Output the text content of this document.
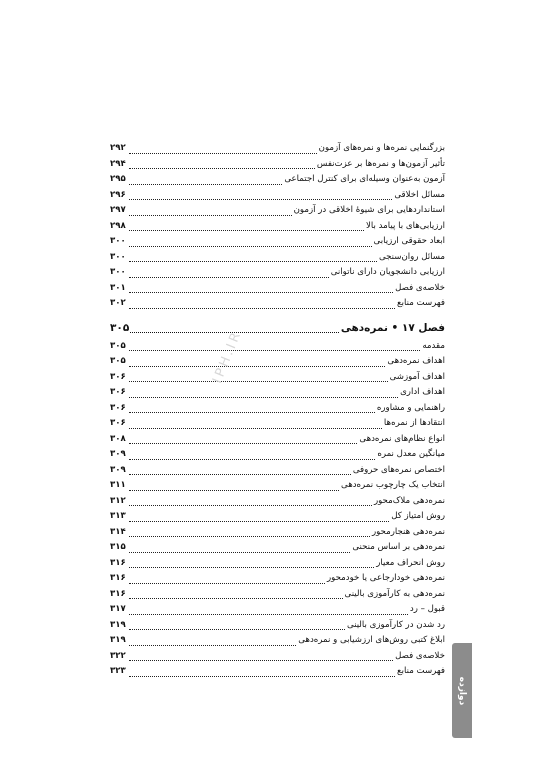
بزرگنمایی نمره‌ها و نمره‌های آزمون
۲۹۲
تأثیر آزمون‌ها و نمره‌ها بر عزت‌نفس
۲۹۴
آزمون به‌عنوان وسیله‌ای برای کنترل اجتماعی
۲۹۵
مسائل اخلاقی
۲۹۶
استانداردهایی برای شیوهٔ اخلاقی در آزمون
۲۹۷
ارزیابی‌های با پیامد بالا
۲۹۸
ابعاد حقوقی ارزیابی
۳۰۰
مسائل روان‌سنجی
۳۰۰
ارزیابی دانشجویان دارای ناتوانی
۳۰۰
خلاصه‌ی فصل
۳۰۱
فهرست منابع
۳۰۲
فصل ۱۷ • نمره‌دهی
۳۰۵
مقدمه
۳۰۵
اهداف نمره‌دهی
۳۰۵
اهداف آموزشی
۳۰۶
اهداف اداری
۳۰۶
راهنمایی و مشاوره
۳۰۶
انتقادها از نمره‌ها
۳۰۶
انواع نظام‌های نمره‌دهی
۳۰۸
میانگین معدل نمره
۳۰۹
اختصاص نمره‌های حروفی
۳۰۹
انتخاب یک چارچوب نمره‌دهی
۳۱۱
نمره‌دهی ملاک‌محور
۳۱۲
روش امتیاز کل
۳۱۳
نمره‌دهی هنجارمحور
۳۱۴
نمره‌دهی بر اساس منحنی
۳۱۵
روش انحراف معیار
۳۱۶
نمره‌دهی خودارجاعی یا خودمحور
۳۱۶
نمره‌دهی به کارآموزی بالینی
۳۱۶
قبول – رد
۳۱۷
رد شدن در کارآموزی بالینی
۳۱۹
ابلاغ کتبی روش‌های ارزشیابی و نمره‌دهی
۳۱۹
خلاصه‌ی فصل
۳۲۲
فهرست منابع
۳۲۳
IPH.IR
دوازده
